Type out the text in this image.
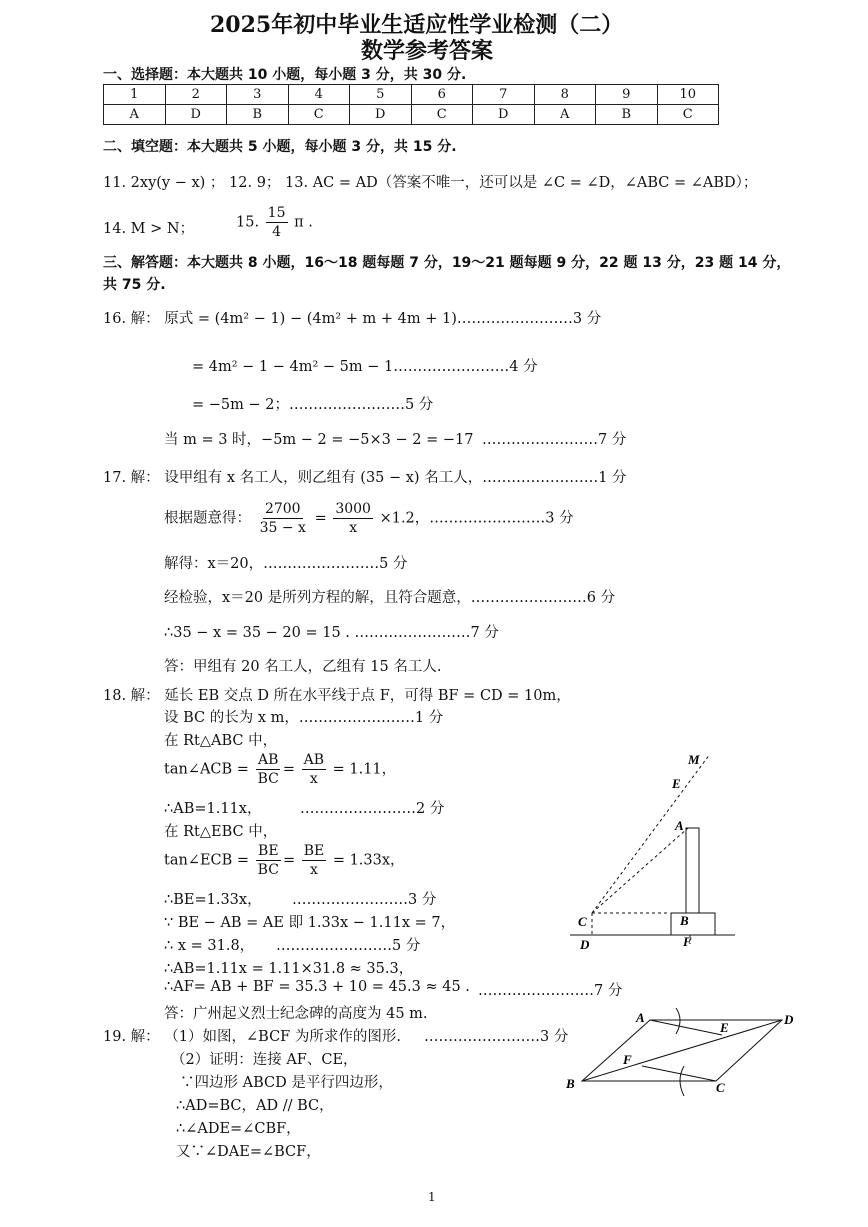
2025年初中毕业生适应性学业检测（二）
数学参考答案
一、选择题：本大题共 10 小题，每小题 3 分，共 30 分.
1	2	3	4	5	6	7	8	9	10
A	D	B	C	D	C	D	A	B	C
二、填空题：本大题共 5 小题，每小题 3 分，共 15 分.
11. 2xy(y − x) ； 12. 9； 13. AC = AD（答案不唯一，还可以是 ∠C = ∠D，∠ABC = ∠ABD）；
14. M > N；	15. $\frac{15}{4}$ π .
三、解答题：本大题共 8 小题，16～18 题每题 7 分，19～21 题每题 9 分，22 题 13 分，23 题 14 分，
共 75 分.
16. 解： 原式 = (4m² − 1) − (4m² + m + 4m + 1)……………………3 分
= 4m² − 1 − 4m² − 5m − 1……………………4 分
= −5m − 2；……………………5 分
当 m = 3 时，−5m − 2 = −5×3 − 2 = −17 ……………………7 分
17. 解： 设甲组有 x 名工人，则乙组有 (35 − x) 名工人，……………………1 分
根据题意得： $\frac{2700}{35 - x} = \frac{3000}{x} \times 1.2$，……………………3 分
解得：x＝20，……………………5 分
经检验，x＝20 是所列方程的解，且符合题意，……………………6 分
∴35 − x = 35 − 20 = 15 . ……………………7 分
答：甲组有 20 名工人，乙组有 15 名工人.
18. 解： 延长 EB 交点 D 所在水平线于点 F，可得 BF = CD = 10m，
设 BC 的长为 x m，……………………1 分
在 Rt△ABC 中，
tan∠ACB = $\frac{AB}{BC} = \frac{AB}{x} = 1.11$，
∴AB=1.11x，	……………………2 分
在 Rt△EBC 中，
tan∠ECB = $\frac{BE}{BC} = \frac{BE}{x} = 1.33x$，
∴BE=1.33x， ……………………3 分
∵ BE − AB = AE 即 1.33x − 1.11x = 7，
∴ x = 31.8， ……………………5 分
∴AB=1.11x = 1.11×31.8 ≈ 35.3，
∴AF= AB + BF = 35.3 + 10 = 45.3 ≈ 45 . ……………………7 分
答：广州起义烈士纪念碑的高度为 45 m.
19. 解： （1）如图，∠BCF 为所求作的图形. ……………………3 分
（2）证明：连接 AF、CE，
∵四边形 ABCD 是平行四边形，
∴AD=BC，AD // BC，
∴∠ADE=∠CBF，
又∵∠DAE=∠BCF，
M
E
A
C	B
D	F
A	D
E
F
B	C
1
